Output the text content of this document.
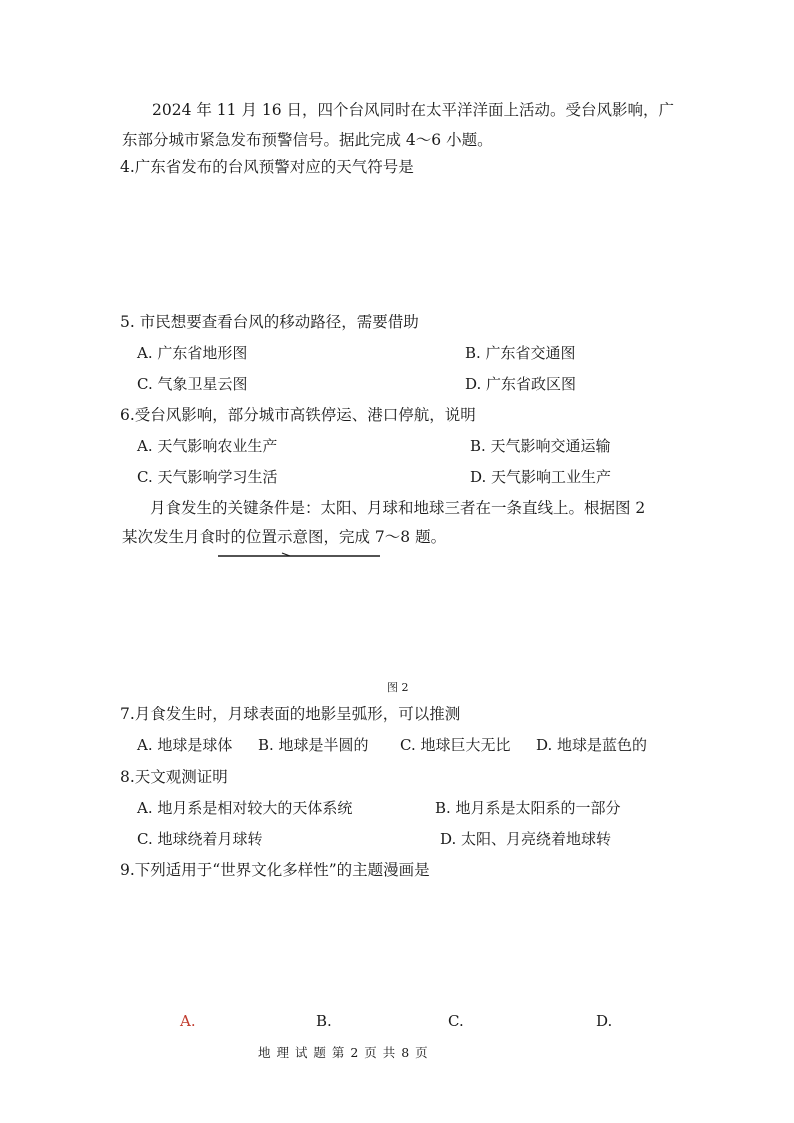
2024 年 11 月 16 日，四个台风同时在太平洋洋面上活动。受台风影响，广
东部分城市紧急发布预警信号。据此完成 4～6 小题。
4.广东省发布的台风预警对应的天气符号是
5. 市民想要查看台风的移动路径，需要借助
A. 广东省地形图	B. 广东省交通图
C. 气象卫星云图	D. 广东省政区图
6.受台风影响，部分城市高铁停运、港口停航，说明
A. 天气影响农业生产	B. 天气影响交通运输
C. 天气影响学习生活	D. 天气影响工业生产
月食发生的关键条件是：太阳、月球和地球三者在一条直线上。根据图 2
某次发生月食时的位置示意图，完成 7～8 题。
图 2
7.月食发生时，月球表面的地影呈弧形，可以推测
A. 地球是球体 B. 地球是半圆的 C. 地球巨大无比 D. 地球是蓝色的
8.天文观测证明
A. 地月系是相对较大的天体系统	B. 地月系是太阳系的一部分
C. 地球绕着月球转	D. 太阳、月亮绕着地球转
9.下列适用于“世界文化多样性”的主题漫画是
A.	B.	C.	D.
地 理 试 题 第 2 页 共 8 页
